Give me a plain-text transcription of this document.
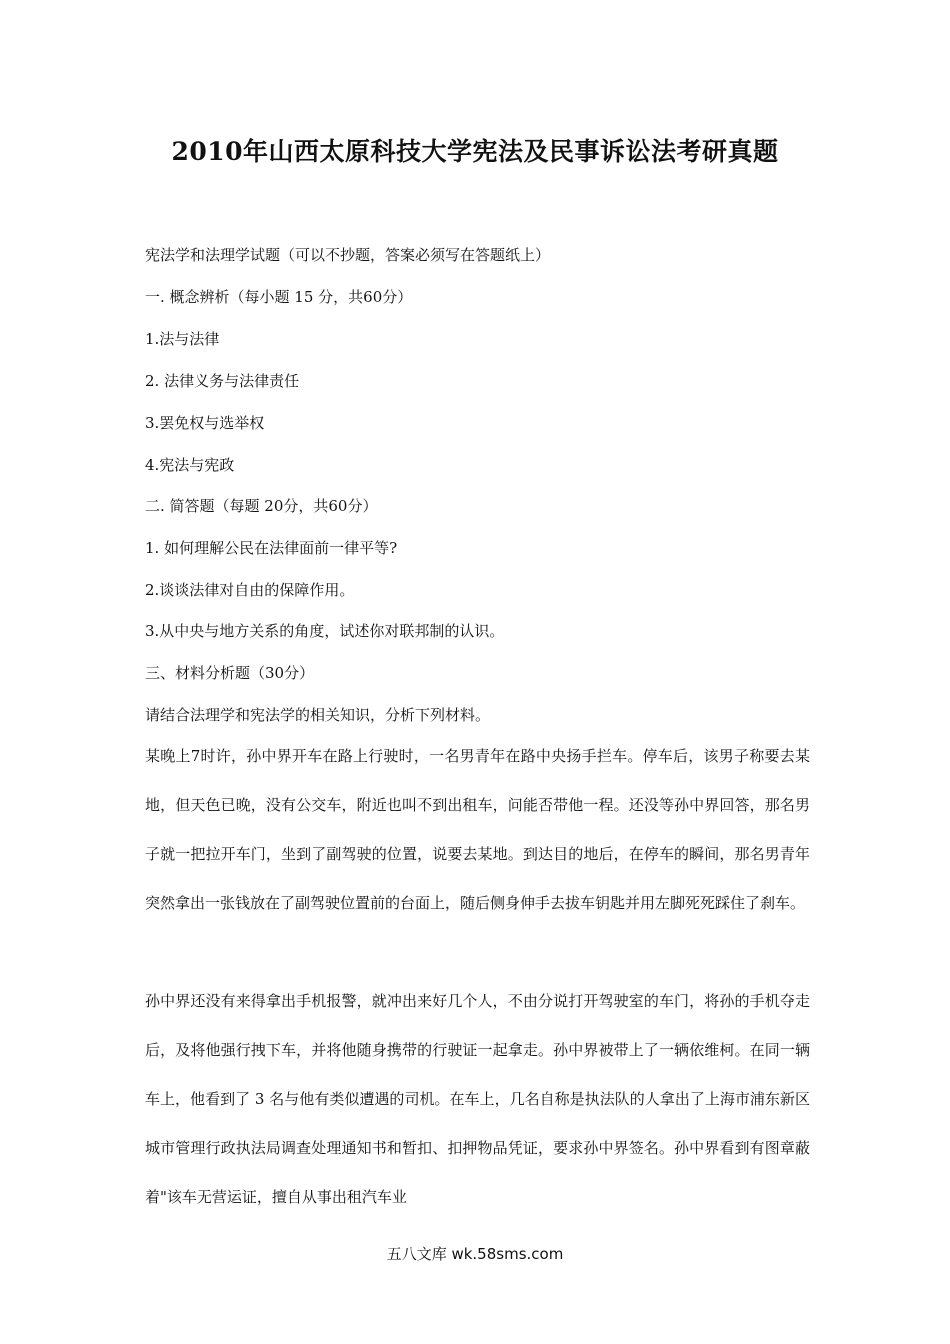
2010年山西太原科技大学宪法及民事诉讼法考研真题

宪法学和法理学试题（可以不抄题，答案必须写在答题纸上）

一. 概念辨析（每小题 15 分，共60分）

1.法与法律

2. 法律义务与法律责任

3.罢免权与选举权

4.宪法与宪政

二. 简答题（每题 20分，共60分）

1. 如何理解公民在法律面前一律平等?

2.谈谈法律对自由的保障作用。

3.从中央与地方关系的角度，试述你对联邦制的认识。

三、材料分析题（30分）

请结合法理学和宪法学的相关知识，分析下列材料。

某晚上7时许，孙中界开车在路上行驶时，一名男青年在路中央扬手拦车。停车后，该男子称要去某地，但天色已晚，没有公交车，附近也叫不到出租车，问能否带他一程。还没等孙中界回答，那名男子就一把拉开车门，坐到了副驾驶的位置，说要去某地。到达目的地后，在停车的瞬间，那名男青年突然拿出一张钱放在了副驾驶位置前的台面上，随后侧身伸手去拔车钥匙并用左脚死死踩住了刹车。

孙中界还没有来得拿出手机报警，就冲出来好几个人，不由分说打开驾驶室的车门，将孙的手机夺走后，及将他强行拽下车，并将他随身携带的行驶证一起拿走。孙中界被带上了一辆依维柯。在同一辆车上，他看到了 3 名与他有类似遭遇的司机。在车上，几名自称是执法队的人拿出了上海市浦东新区城市管理行政执法局调查处理通知书和暂扣、扣押物品凭证，要求孙中界签名。孙中界看到有图章蔽着"该车无营运证，擅自从事出租汽车业

五八文库 wk.58sms.com
